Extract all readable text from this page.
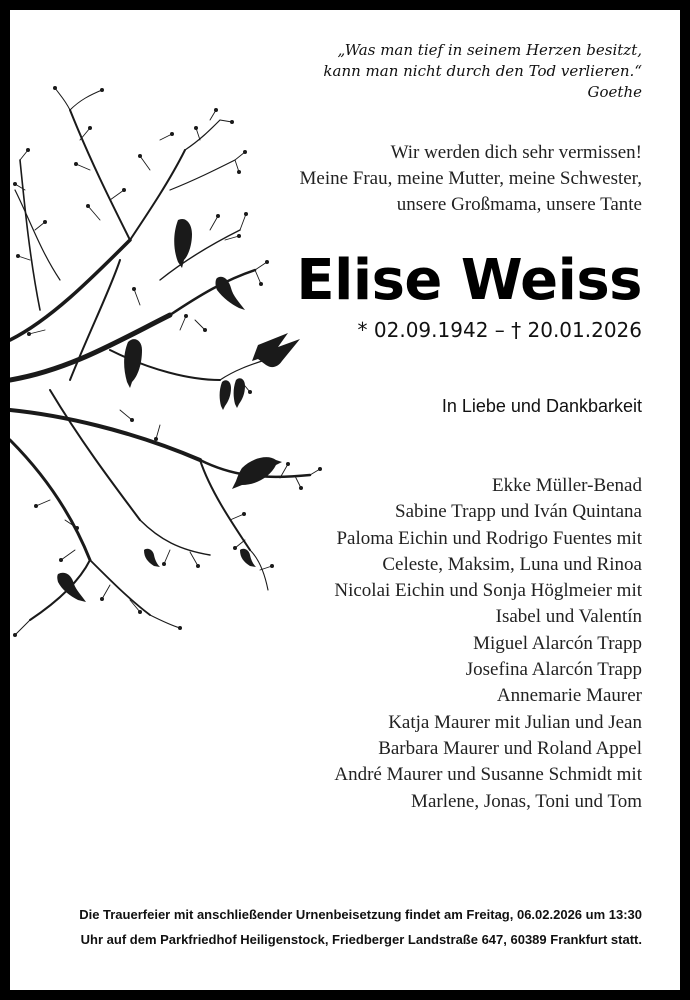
„Was man tief in seinem Herzen besitzt,
kann man nicht durch den Tod verlieren.“
Goethe
Wir werden dich sehr vermissen!
Meine Frau, meine Mutter, meine Schwester,
unsere Großmama, unsere Tante
Elise Weiss
* 02.09.1942 – † 20.01.2026
In Liebe und Dankbarkeit
Ekke Müller-Benad
Sabine Trapp und Iván Quintana
Paloma Eichin und Rodrigo Fuentes mit
Celeste, Maksim, Luna und Rinoa
Nicolai Eichin und Sonja Höglmeier mit
Isabel und Valentín
Miguel Alarcón Trapp
Josefina Alarcón Trapp
Annemarie Maurer
Katja Maurer mit Julian und Jean
Barbara Maurer und Roland Appel
André Maurer und Susanne Schmidt mit
Marlene, Jonas, Toni und Tom
Die Trauerfeier mit anschließender Urnenbeisetzung findet am Freitag, 06.02.2026 um 13:30
Uhr auf dem Parkfriedhof Heiligenstock, Friedberger Landstraße 647, 60389 Frankfurt statt.
